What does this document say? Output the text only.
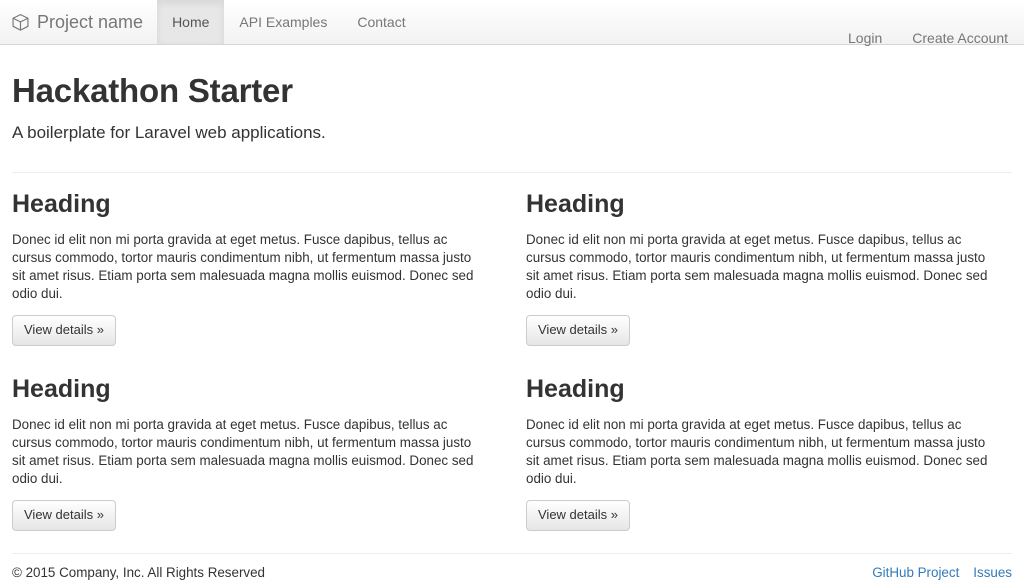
Project name	Home	API Examples	Contact
Login	Create Account
Hackathon Starter

A boilerplate for Laravel web applications.

Heading

Donec id elit non mi porta gravida at eget metus. Fusce dapibus, tellus ac cursus commodo, tortor mauris condimentum nibh, ut fermentum massa justo sit amet risus. Etiam porta sem malesuada magna mollis euismod. Donec sed odio dui.

View details »
Heading

Donec id elit non mi porta gravida at eget metus. Fusce dapibus, tellus ac cursus commodo, tortor mauris condimentum nibh, ut fermentum massa justo sit amet risus. Etiam porta sem malesuada magna mollis euismod. Donec sed odio dui.

View details »
Heading

Donec id elit non mi porta gravida at eget metus. Fusce dapibus, tellus ac cursus commodo, tortor mauris condimentum nibh, ut fermentum massa justo sit amet risus. Etiam porta sem malesuada magna mollis euismod. Donec sed odio dui.

View details »
Heading

Donec id elit non mi porta gravida at eget metus. Fusce dapibus, tellus ac cursus commodo, tortor mauris condimentum nibh, ut fermentum massa justo sit amet risus. Etiam porta sem malesuada magna mollis euismod. Donec sed odio dui.

View details »
© 2015 Company, Inc. All Rights Reserved	GitHub Project Issues
